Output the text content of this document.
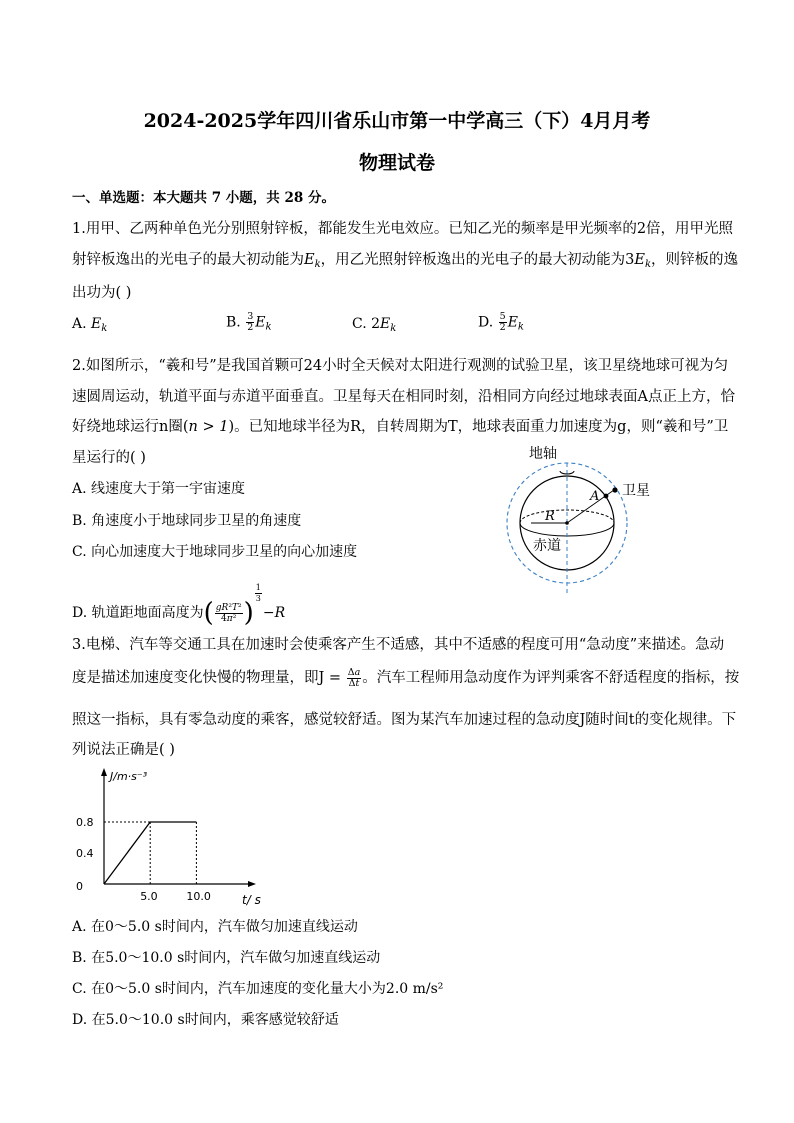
2024-2025学年四川省乐山市第一中学高三（下）4月月考
物理试卷
一、单选题：本大题共 7 小题，共 28 分。
1.用甲、乙两种单色光分别照射锌板，都能发生光电效应。已知乙光的频率是甲光频率的2倍，用甲光照
射锌板逸出的光电子的最大初动能为$E_k$，用乙光照射锌板逸出的光电子的最大初动能为$3E_k$，则锌板的逸
出功为( )
A. $E_k$	B. $\frac{3}{2} E_k$	C. $2E_k$	D. $\frac{5}{2} E_k$
2.如图所示，“羲和号”是我国首颗可24小时全天候对太阳进行观测的试验卫星，该卫星绕地球可视为匀
速圆周运动，轨道平面与赤道平面垂直。卫星每天在相同时刻，沿相同方向经过地球表面A点正上方，恰
好绕地球运行n圈(n > 1)。已知地球半径为R，自转周期为T，地球表面重力加速度为g，则“羲和号”卫
星运行的( )
A. 线速度大于第一宇宙速度
B. 角速度小于地球同步卫星的角速度
C. 向心加速度大于地球同步卫星的向心加速度
D. 轨道距地面高度为( $\frac{\text{gR²T²}}{\text{4π²}}$ )
$\frac{1}{3}$
−R
地轴
A 卫星
R
赤道
3.电梯、汽车等交通工具在加速时会使乘客产生不适感，其中不适感的程度可用“急动度”来描述。急动
度是描述加速度变化快慢的物理量，即$J = \frac{\Delta a}{\Delta t}$ 。汽车工程师用急动度作为评判乘客不舒适程度的指标，按
照这一指标，具有零急动度的乘客，感觉较舒适。图为某汽车加速过程的急动度J随时间t的变化规律。下
列说法正确是( )
J/m·s⁻³
t/ s
0
0.4
0.8
5.0	10.0
A. 在0～5.0 s时间内，汽车做匀加速直线运动
B. 在5.0～10.0 s时间内，汽车做匀加速直线运动
C. 在0～5.0 s时间内，汽车加速度的变化量大小为2.0 m/s²
D. 在5.0～10.0 s时间内，乘客感觉较舒适
